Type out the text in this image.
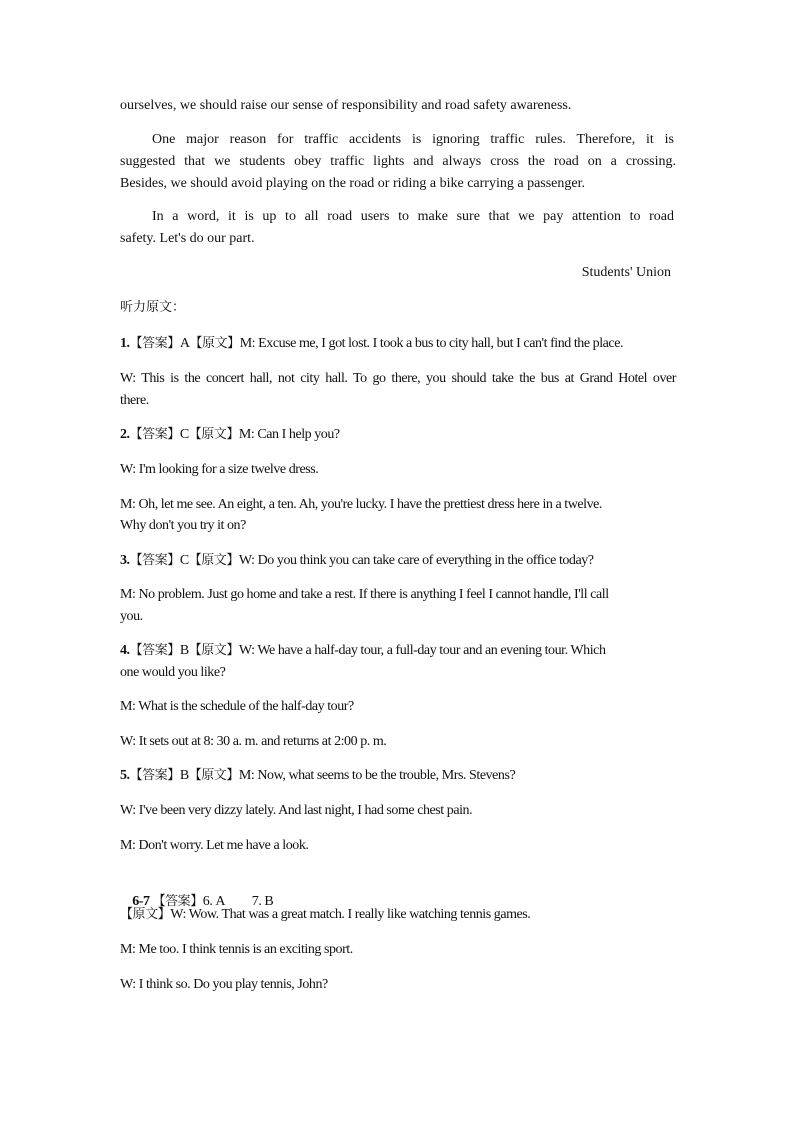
ourselves, we should raise our sense of responsibility and road safety awareness.
One major reason for traffic accidents is ignoring traffic rules. Therefore, it is
suggested that we students obey traffic lights and always cross the road on a crossing.
Besides, we should avoid playing on the road or riding a bike carrying a passenger.
In a word, it is up to all road users to make sure that we pay attention to road
safety. Let's do our part.
Students' Union
听力原文：
1.【答案】A【原文】M: Excuse me, I got lost. I took a bus to city hall, but I can't find the place.
W: This is the concert hall, not city hall. To go there, you should take the bus at Grand Hotel over
there.
2.【答案】C【原文】M: Can I help you?
W: I'm looking for a size twelve dress.
M: Oh, let me see. An eight, a ten. Ah, you're lucky. I have the prettiest dress here in a twelve.
Why don't you try it on?
3.【答案】C【原文】W: Do you think you can take care of everything in the office today?
M: No problem. Just go home and take a rest. If there is anything I feel I cannot handle, I'll call
you.
4.【答案】B【原文】W: We have a half-day tour, a full-day tour and an evening tour. Which
one would you like?
M: What is the schedule of the half-day tour?
W: It sets out at 8: 30 a. m. and returns at 2:00 p. m.
5.【答案】B【原文】M: Now, what seems to be the trouble, Mrs. Stevens?
W: I've been very dizzy lately. And last night, I had some chest pain.
M: Don't worry. Let me have a look.

6-7 【答案】6. A         7. B

【原文】W: Wow. That was a great match. I really like watching tennis games.
M: Me too. I think tennis is an exciting sport.
W: I think so. Do you play tennis, John?
